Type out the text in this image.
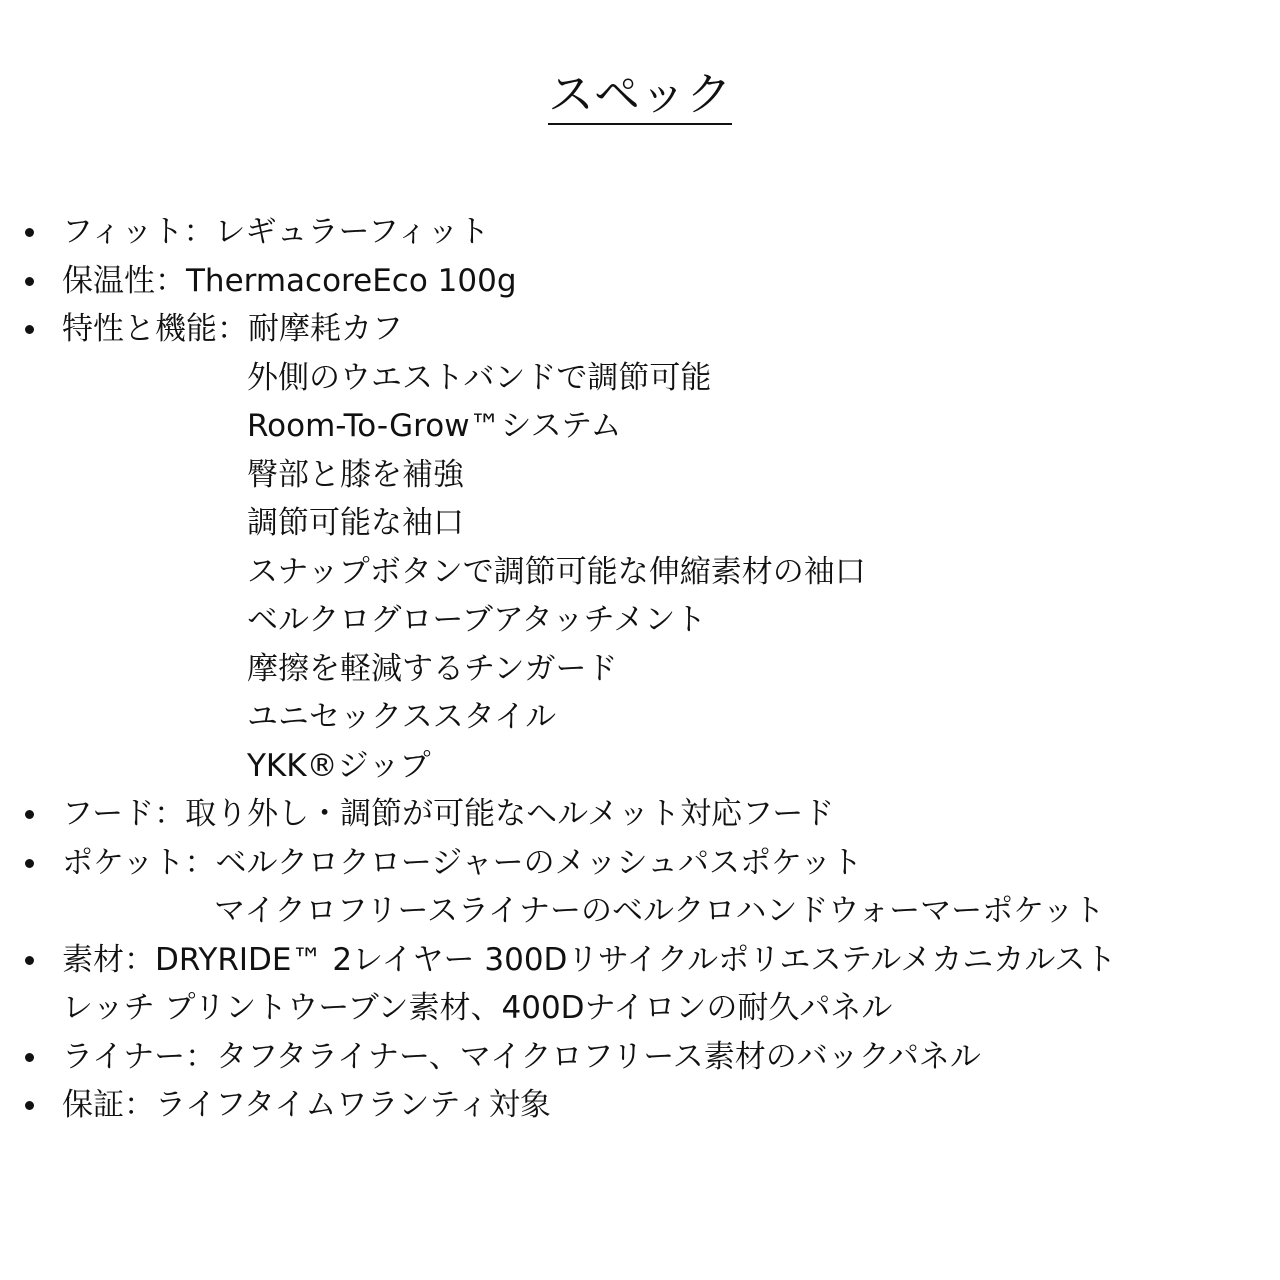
スペック
フィット：レギュラーフィット
保温性：ThermacoreEco 100g
特性と機能：耐摩耗カフ
外側のウエストバンドで調節可能
Room-To-Grow™システム
臀部と膝を補強
調節可能な袖口
スナップボタンで調節可能な伸縮素材の袖口
ベルクログローブアタッチメント
摩擦を軽減するチンガード
ユニセックススタイル
YKK®ジップ
フード：取り外し・調節が可能なヘルメット対応フード
ポケット：ベルクロクロージャーのメッシュパスポケット
マイクロフリースライナーのベルクロハンドウォーマーポケット
素材：DRYRIDE™ 2レイヤー 300Dリサイクルポリエステルメカニカルスト
レッチ プリントウーブン素材、400Dナイロンの耐久パネル
ライナー：タフタライナー、マイクロフリース素材のバックパネル
保証：ライフタイムワランティ対象
